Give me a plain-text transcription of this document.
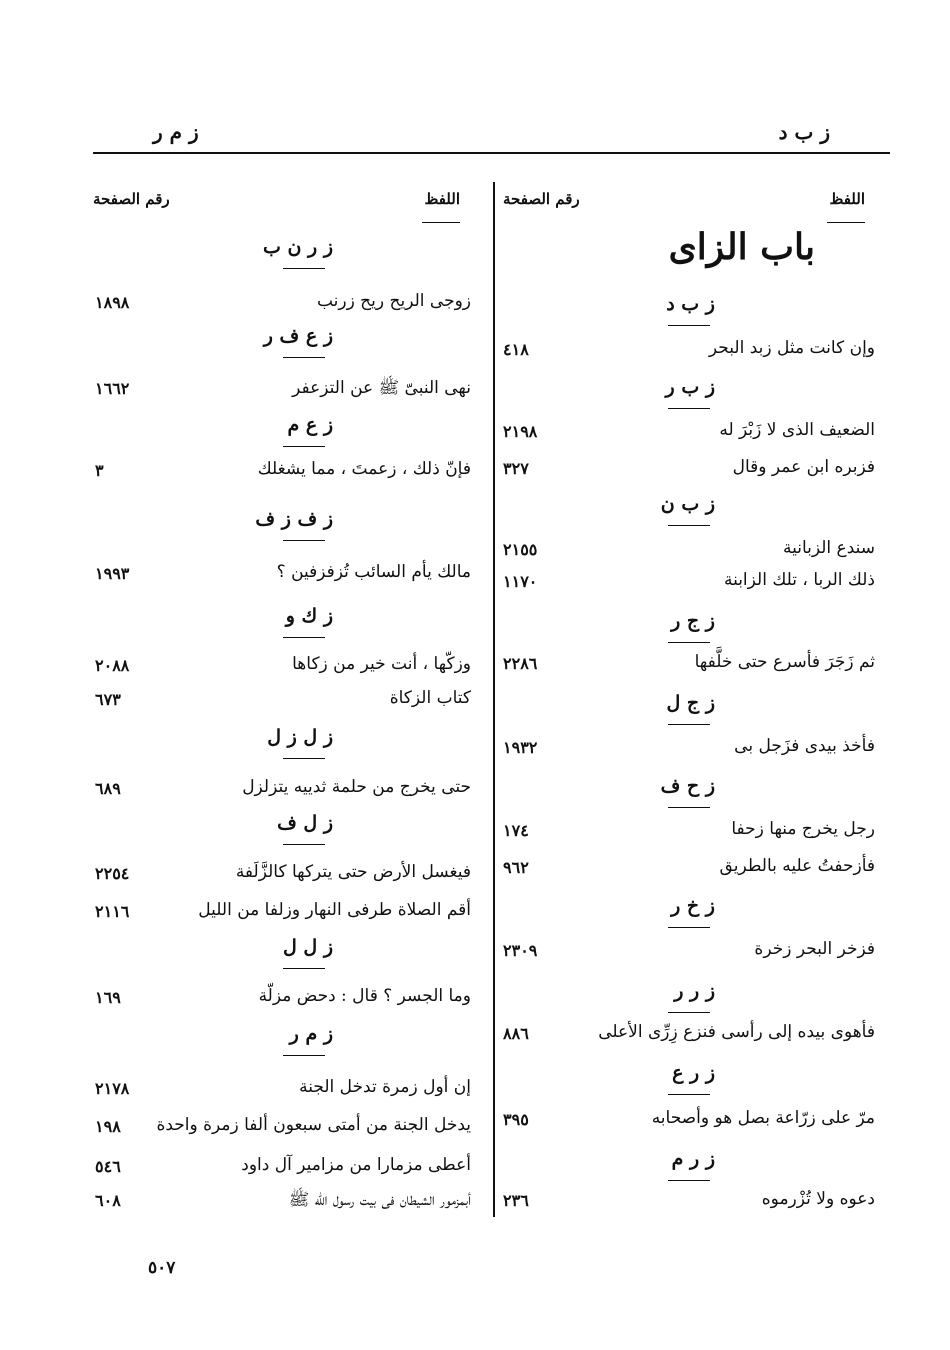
ز ب د
ز م ر
اللفظ
رقم الصفحة
اللفظ
رقم الصفحة
باب الزاى
ز ب د
وإن كانت مثل زبد البحر
٤١٨
ز ب ر
الضعيف الذى لا زَبْرَ له
٢١٩٨
فزبره ابن عمر وقال
٣٢٧
ز ب ن
سندع الزبانية
٢١٥٥
ذلك الربا ، تلك الزابنة
١١٧٠
ز ج ر
ثم زَجَرَ فأسرع حتى خلَّفها
٢٢٨٦
ز ج ل
فأخذ بيدى فزَجل بى
١٩٣٢
ز ح ف
رجل يخرج منها زحفا
١٧٤
فأزحفتُ عليه بالطريق
٩٦٢
ز خ ر
فزخر البحر زخرة
٢٣٠٩
ز ر ر
فأهوى بيده إلى رأسى فنزع زِرِّى الأعلى
٨٨٦
ز ر ع
مرّ على زرّاعة بصل هو وأصحابه
٣٩٥
ز ر م
دعوه ولا تُزْرموه
٢٣٦
ز ر ن ب
زوجى الريح ريح زرنب
١٨٩٨
ز ع ف ر
نهى النبىّ ﷺ عن التزعفر
١٦٦٢
ز ع م
فإنّ ذلك ، زعمتَ ، مما يشغلك
٣
ز ف ز ف
مالك يأم السائب تُزفزفين ؟
١٩٩٣
ز ك و
وزكّها ، أنت خير من زكاها
٢٠٨٨
كتاب الزكاة
٦٧٣
ز ل ز ل
حتى يخرج من حلمة ثدييه يتزلزل
٦٨٩
ز ل ف
فيغسل الأرض حتى يتركها كالزَّلَفة
٢٢٥٤
أقم الصلاة طرفى النهار وزلفا من الليل
٢١١٦
ز ل ل
وما الجسر ؟ قال : دحض مزلّة
١٦٩
ز م ر
إن أول زمرة تدخل الجنة
٢١٧٨
يدخل الجنة من أمتى سبعون ألفا زمرة واحدة
١٩٨
أعطى مزمارا من مزامير آل داود
٥٤٦
أبمزمور الشيطان فى بيت رسول الله ﷺ
٦٠٨
٥٠٧
